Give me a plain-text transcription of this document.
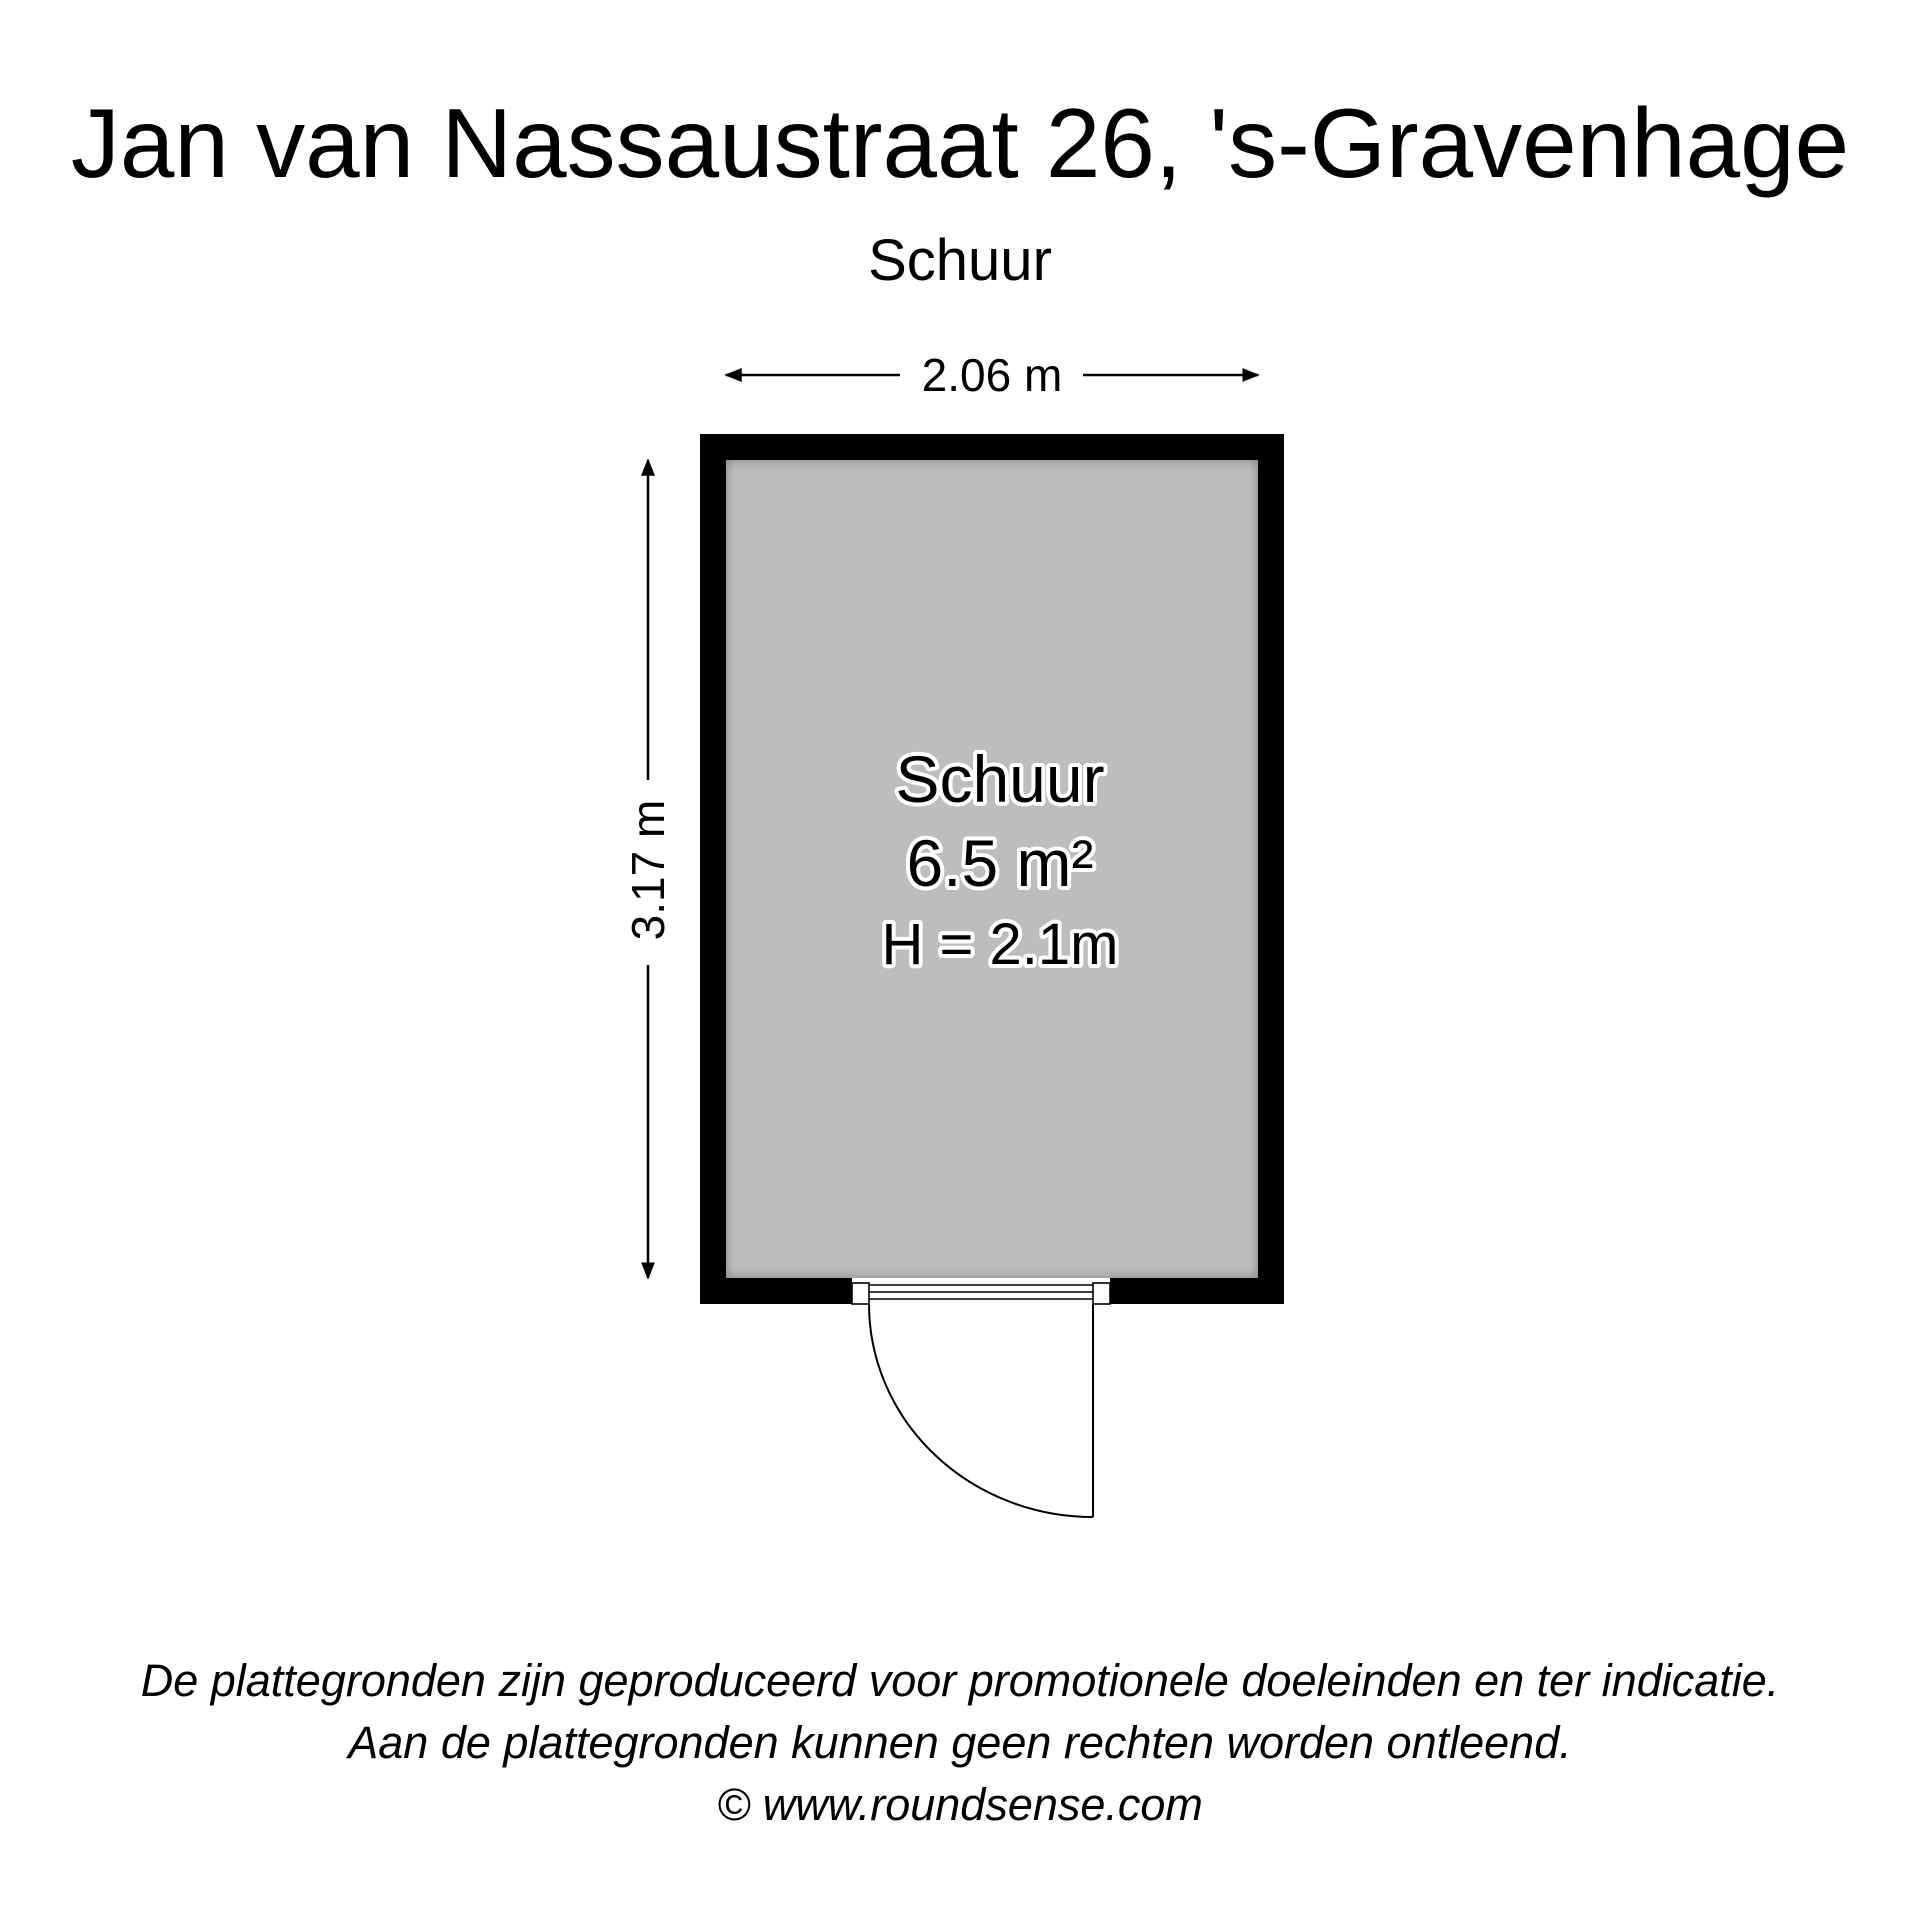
Jan van Nassaustraat 26, 's-Gravenhage
Schuur
2.06 m
3.17 m
Schuur
6.5 m²
H = 2.1m
De plattegronden zijn geproduceerd voor promotionele doeleinden en ter indicatie.
Aan de plattegronden kunnen geen rechten worden ontleend.
© www.roundsense.com
